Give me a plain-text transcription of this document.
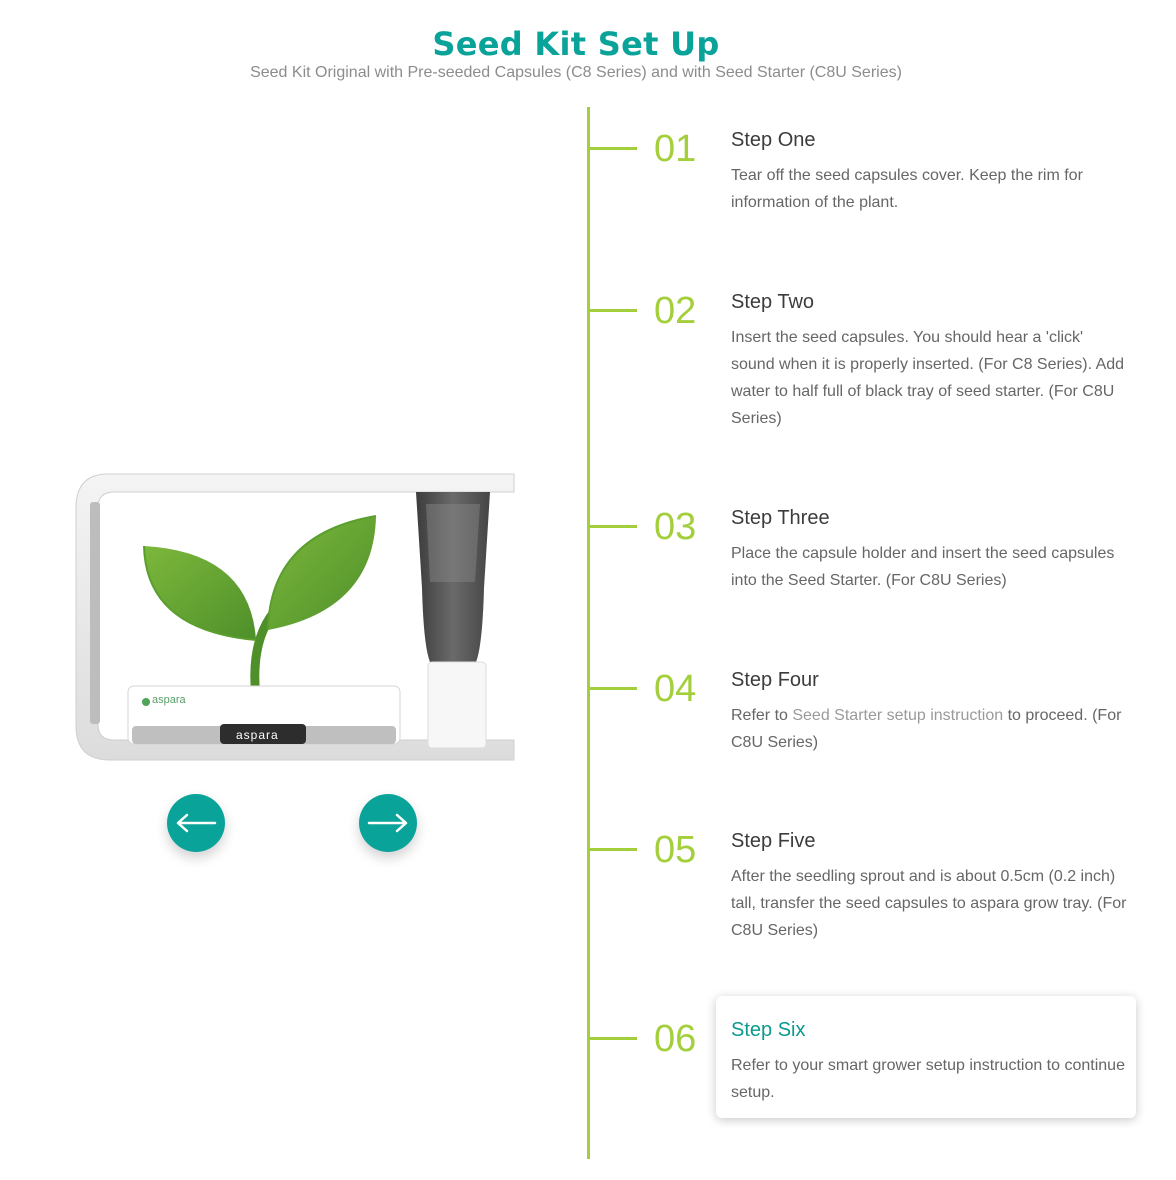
Seed Kit Set Up
Seed Kit Original with Pre-seeded Capsules (C8 Series) and with Seed Starter (C8U Series)
aspara
aspara
01 Step One
Tear off the seed capsules cover. Keep the rim for information of the plant.
02 Step Two
Insert the seed capsules. You should hear a 'click' sound when it is properly inserted. (For C8 Series). Add water to half full of black tray of seed starter. (For C8U Series)
03 Step Three
Place the capsule holder and insert the seed capsules into the Seed Starter. (For C8U Series)
04 Step Four
Refer to Seed Starter setup instruction to proceed. (For C8U Series)
05 Step Five
After the seedling sprout and is about 0.5cm (0.2 inch) tall, transfer the seed capsules to aspara grow tray. (For C8U Series)
06 Step Six
Refer to your smart grower setup instruction to continue setup.
